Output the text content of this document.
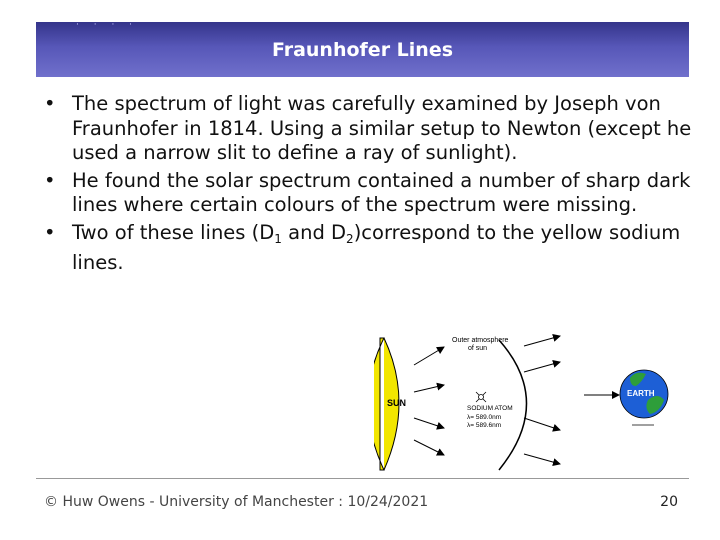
· · · ·
Fraunhofer Lines
• The spectrum of light was carefully examined by Joseph von Fraunhofer in 1814. Using a similar setup to Newton (except he used a narrow slit to define a ray of sunlight).
• He found the solar spectrum contained a number of sharp dark lines where certain colours of the spectrum were missing.
• Two of these lines ($D_1$ and $D_2)correspond$ to the yellow sodium lines.
SUN
Outer atmosphere
of sun
SODIUM ATOM
λ= 589.0nm
λ= 589.6nm
EARTH
© Huw Owens - University of Manchester : 10/24/2021	20
